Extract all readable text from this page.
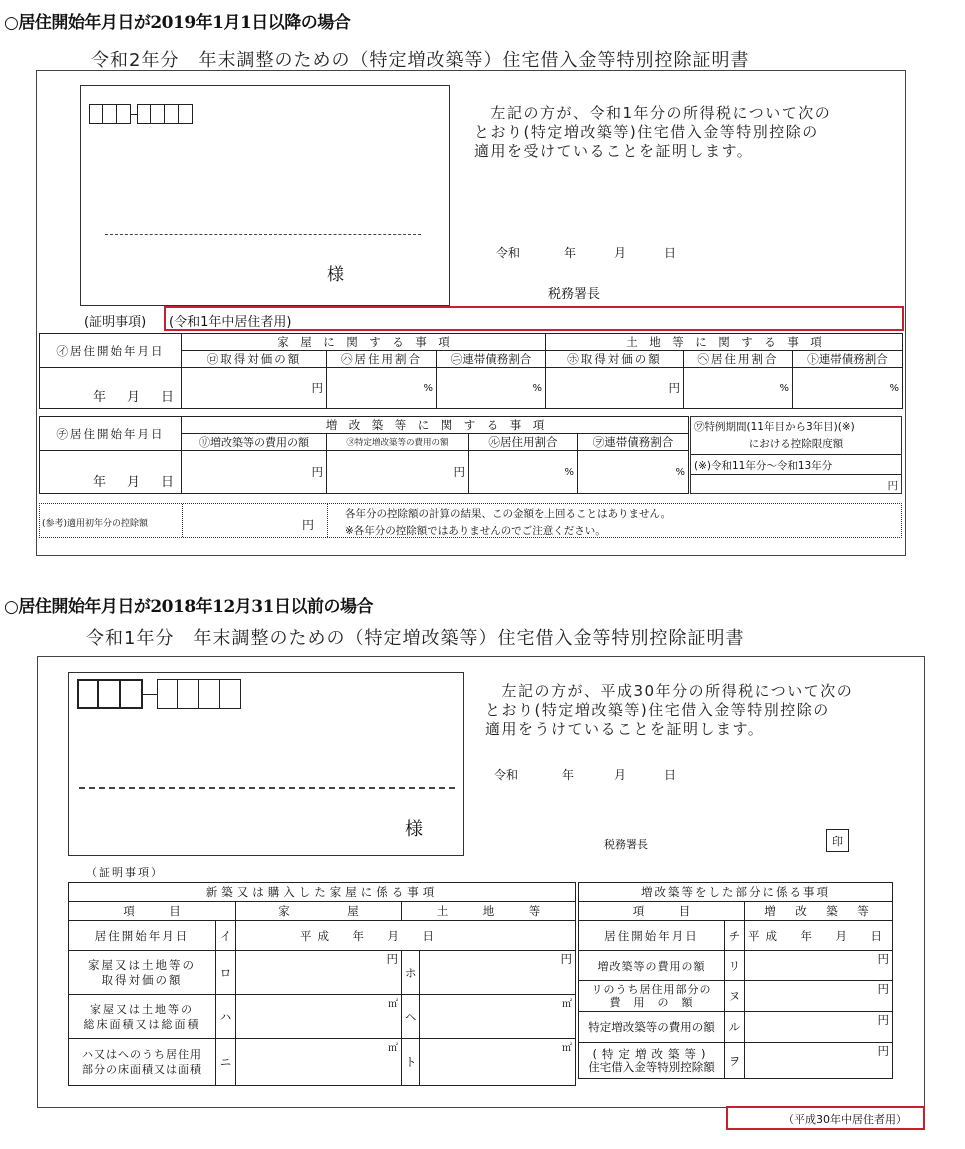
○居住開始年月日が2019年1月1日以降の場合
令和2年分　年末調整のための（特定増改築等）住宅借入金等特別控除証明書
様
　左記の方が、令和1年分の所得税について次の
とおり(特定増改築等)住宅借入金等特別控除の
適用を受けていることを証明します。
令和	年	月	日
税務署長
(証明事項) (令和1年中居住者用)
㋑居住開始年月日	家　屋　に　関　す　る　事　項			土　地　等　に　関　す　る　事　項		
	㋺取得対価の額	㋩居住用割合	㋥連帯債務割合	㋭取得対価の額	㋬居住用割合	㋣連帯債務割合
年　月　日	円	%	%	円	%	%
㋠居住開始年月日	増　改　築　等　に　関　す　る　事　項			
	㋷増改築等の費用の額	㋦特定増改築等の費用の額	㋸居住用割合	㋾連帯債務割合
年　月　日	円	円	%	%
㋻特例期間(11年目から3年目)(※)
における控除限度額
(※)令和11年分～令和13年分
円
(参考)適用初年分の控除額	円
各年分の控除額の計算の結果、この金額を上回ることはありません。
※各年分の控除額ではありませんのでご注意ください。
○居住開始年月日が2018年12月31日以前の場合
令和1年分　年末調整のための（特定増改築等）住宅借入金等特別控除証明書
様
　左記の方が、平成30年分の所得税について次の
とおり(特定増改築等)住宅借入金等特別控除の
適用をうけていることを証明します。
令和	年	月	日
税務署長	印
（証明事項）
新築又は購入した家屋に係る事項				
項　　　目		家　　　　　屋	土　　　地　　　等	
居住開始年月日	イ	平成　年　月　日		

家屋又は土地等の
取得対価の額	ロ	円	ホ	円

家屋又は土地等の
総床面積又は総面積	ハ	㎡	ヘ	㎡

ハ又はへのうち居住用
部分の床面積又は面積	ニ	㎡	ト	㎡
増改築等をした部分に係る事項		
項　　　目		増　改　築　等
居住開始年月日	チ	平成　年　月　日
増改築等の費用の額	リ	円

リのうち居住用部分の
費　用　の　額	ヌ	円
特定増改築等の費用の額	ル	円

(特定増改築等)
住宅借入金等特別控除額	ヲ	円
（平成30年中居住者用）
